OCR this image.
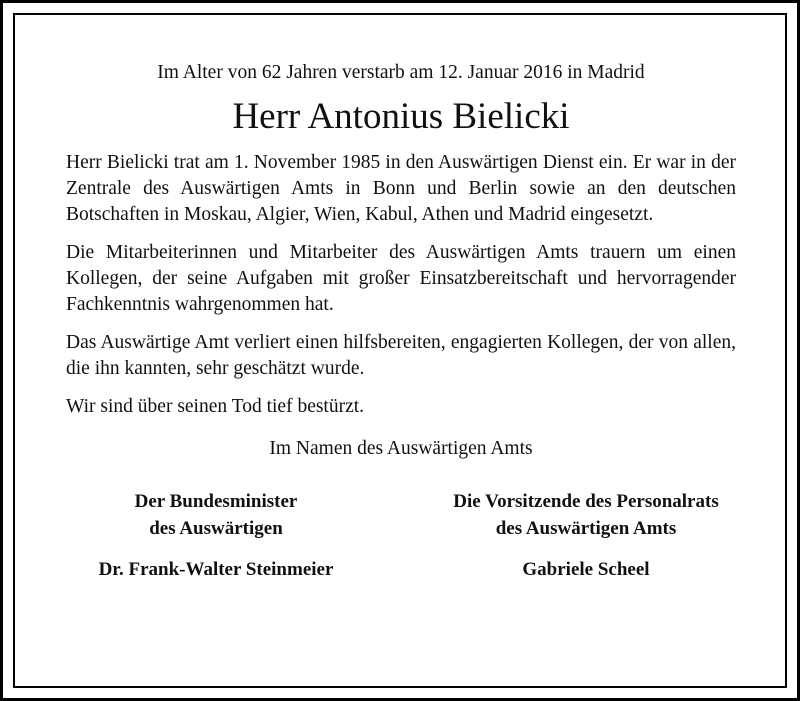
Im Alter von 62 Jahren verstarb am 12. Januar 2016 in Madrid

Herr Antonius Bielicki

Herr Bielicki trat am 1. November 1985 in den Auswärtigen Dienst ein. Er war in der Zentrale des Auswärtigen Amts in Bonn und Berlin sowie an den deutschen Botschaften in Moskau, Algier, Wien, Kabul, Athen und Madrid eingesetzt.

Die Mitarbeiterinnen und Mitarbeiter des Auswärtigen Amts trauern um einen Kollegen, der seine Aufgaben mit großer Einsatzbereitschaft und hervorragender Fachkenntnis wahrgenommen hat.

Das Auswärtige Amt verliert einen hilfsbereiten, engagierten Kollegen, der von allen, die ihn kannten, sehr geschätzt wurde.

Wir sind über seinen Tod tief bestürzt.

Im Namen des Auswärtigen Amts

Der Bundesminister
des Auswärtigen
Dr. Frank-Walter Steinmeier
Die Vorsitzende des Personalrats
des Auswärtigen Amts
Gabriele Scheel
